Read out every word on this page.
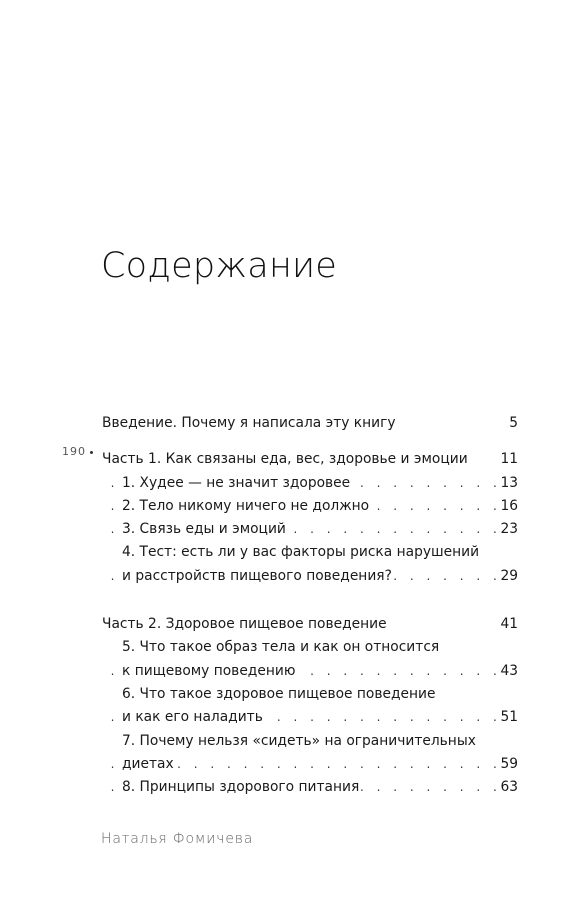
Содержание
190
Введение. Почему я написала эту книгу	5
Часть 1. Как связаны еда, вес, здоровье и эмоции 11
. . . 1. Худее — не значит здоровее	13
. . . 2. Тело никому ничего не должно	16
. . . 3. Связь еды и эмоций	23
4. Тест: есть ли у вас факторы риска нарушений
. . . и расстройств пищевого поведения?	29
Часть 2. Здоровое пищевое поведение	41
5. Что такое образ тела и как он относится
. . . к пищевому поведению	43
6. Что такое здоровое пищевое поведение
. . . и как его наладить	51
7. Почему нельзя «сидеть» на ограничительных
. . . диетах	59
. . . 8. Принципы здорового питания	63
Наталья Фомичева
